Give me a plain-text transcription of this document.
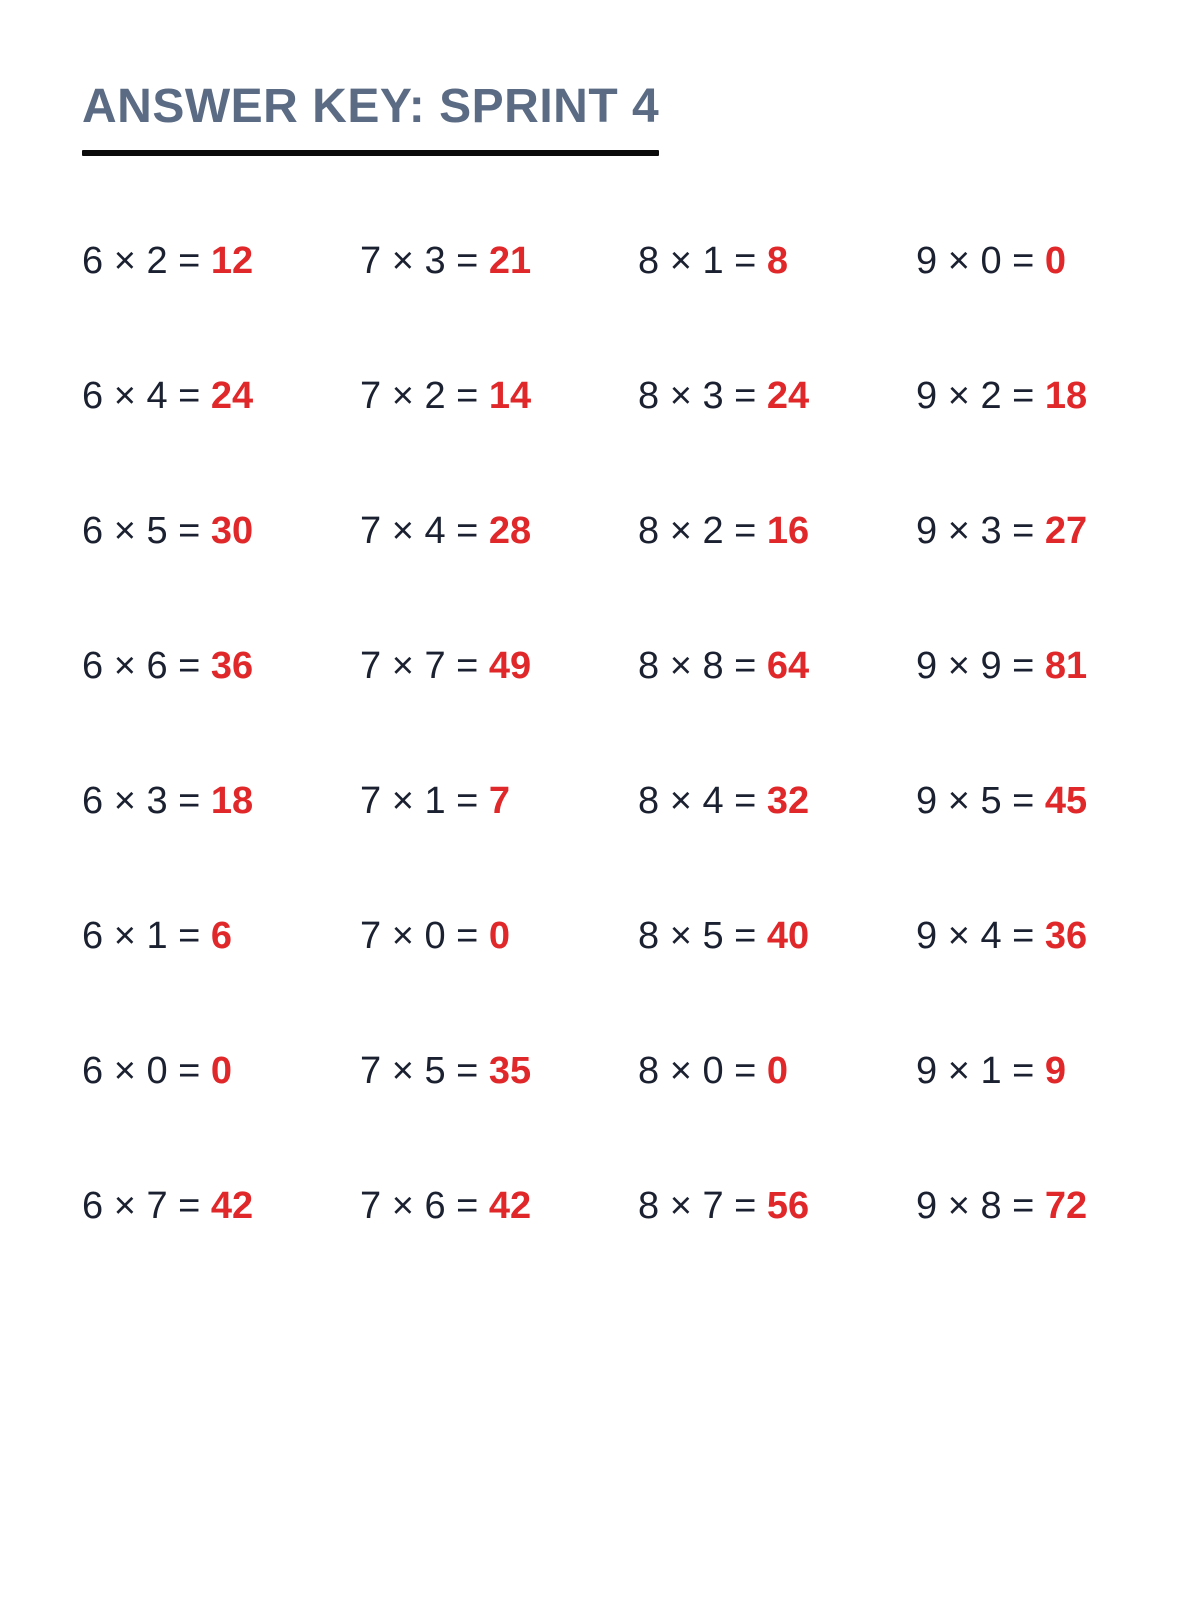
ANSWER KEY: SPRINT 4
6 × 2 = 12	7 × 3 = 21	8 × 1 = 8	9 × 0 = 0
6 × 4 = 24	7 × 2 = 14	8 × 3 = 24	9 × 2 = 18
6 × 5 = 30	7 × 4 = 28	8 × 2 = 16	9 × 3 = 27
6 × 6 = 36	7 × 7 = 49	8 × 8 = 64	9 × 9 = 81
6 × 3 = 18	7 × 1 = 7	8 × 4 = 32	9 × 5 = 45
6 × 1 = 6	7 × 0 = 0	8 × 5 = 40	9 × 4 = 36
6 × 0 = 0	7 × 5 = 35	8 × 0 = 0	9 × 1 = 9
6 × 7 = 42	7 × 6 = 42	8 × 7 = 56	9 × 8 = 72
